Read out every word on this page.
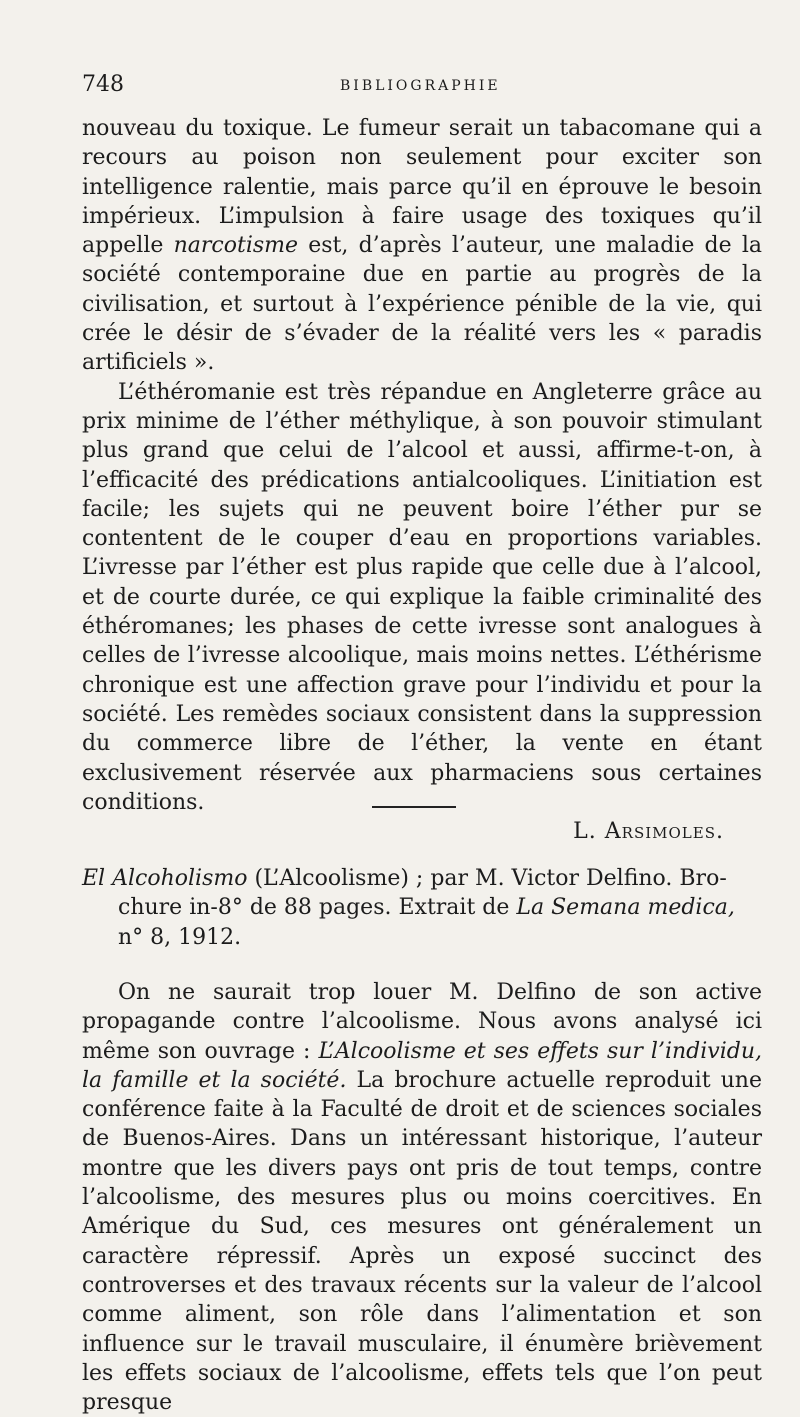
748	BIBLIOGRAPHIE

nouveau du toxique. Le fumeur serait un tabacomane qui a recours au poison non seulement pour exciter son intelligence ralentie, mais parce qu’il en éprouve le besoin impérieux. L’impulsion à faire usage des toxiques qu’il appelle narcotisme est, d’après l’auteur, une maladie de la société contemporaine due en partie au progrès de la civilisation, et surtout à l’expérience pénible de la vie, qui crée le désir de s’évader de la réalité vers les « paradis artificiels ».

L’éthéromanie est très répandue en Angleterre grâce au prix minime de l’éther méthylique, à son pouvoir stimulant plus grand que celui de l’alcool et aussi, affirme-t-on, à l’efficacité des prédications antialcooliques. L’initiation est facile; les sujets qui ne peuvent boire l’éther pur se contentent de le couper d’eau en proportions variables. L’ivresse par l’éther est plus rapide que celle due à l’alcool, et de courte durée, ce qui explique la faible criminalité des éthéromanes; les phases de cette ivresse sont analogues à celles de l’ivresse alcoolique, mais moins nettes. L’éthérisme chronique est une affection grave pour l’individu et pour la société. Les remèdes sociaux consistent dans la suppression du commerce libre de l’éther, la vente en étant exclusivement réservée aux pharmaciens sous certaines conditions.

L. Arsimoles.

El Alcoholismo (L’Alcoolisme) ; par M. Victor Delfino. Bro-

chure in-8° de 88 pages. Extrait de La Semana medica,

n° 8, 1912.

On ne saurait trop louer M. Delfino de son active propagande contre l’alcoolisme. Nous avons analysé ici même son ouvrage : L’Alcoolisme et ses effets sur l’individu, la famille et la société. La brochure actuelle reproduit une conférence faite à la Faculté de droit et de sciences sociales de Buenos-Aires. Dans un intéressant historique, l’auteur montre que les divers pays ont pris de tout temps, contre l’alcoolisme, des mesures plus ou moins coercitives. En Amérique du Sud, ces mesures ont généralement un caractère répressif. Après un exposé succinct des controverses et des travaux récents sur la valeur de l’alcool comme aliment, son rôle dans l’alimentation et son influence sur le travail musculaire, il énumère brièvement les effets sociaux de l’alcoolisme, effets tels que l’on peut presque
